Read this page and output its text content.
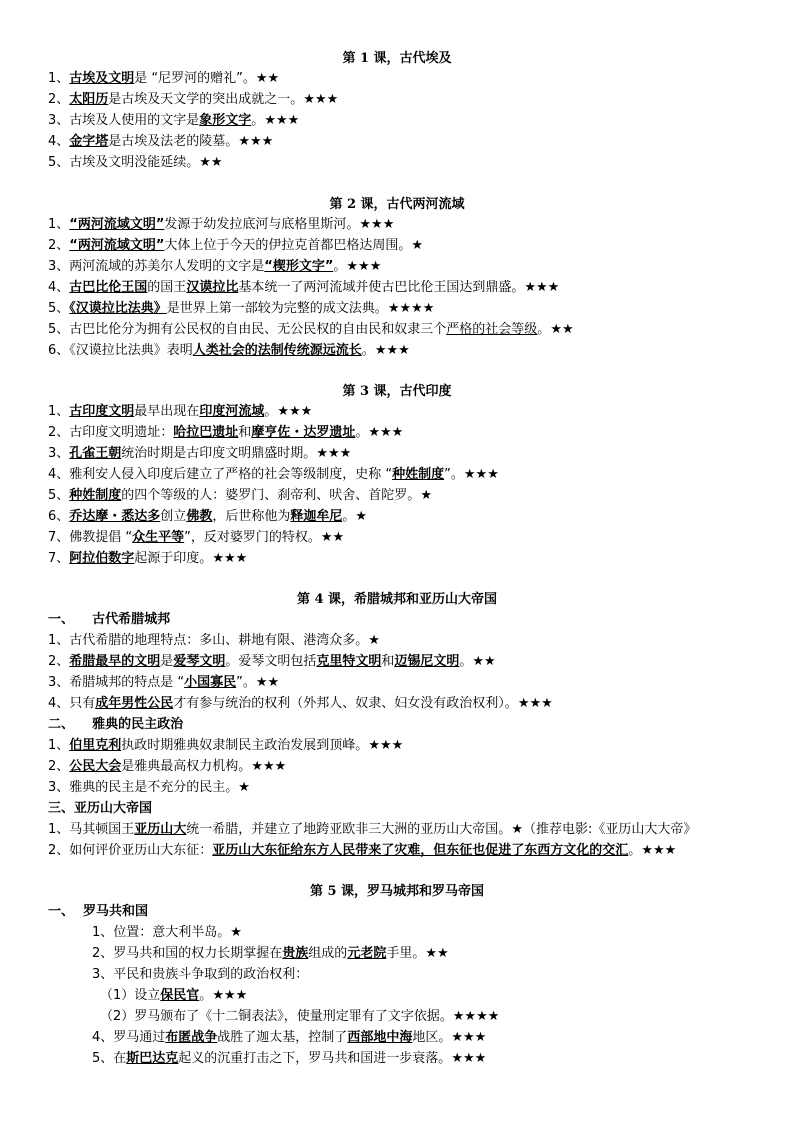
第 1 课，古代埃及
1、古埃及文明是 “尼罗河的赠礼”。★★
2、太阳历是古埃及天文学的突出成就之一。★★★
3、古埃及人使用的文字是象形文字。★★★
4、金字塔是古埃及法老的陵墓。★★★
5、古埃及文明没能延续。★★
第 2 课，古代两河流域
1、“两河流域文明”发源于幼发拉底河与底格里斯河。★★★
2、“两河流域文明”大体上位于今天的伊拉克首都巴格达周围。★
3、两河流域的苏美尔人发明的文字是“楔形文字”。★★★
4、古巴比伦王国的国王汉谟拉比基本统一了两河流域并使古巴比伦王国达到鼎盛。★★★
5、《汉谟拉比法典》是世界上第一部较为完整的成文法典。★★★★
5、古巴比伦分为拥有公民权的自由民、无公民权的自由民和奴隶三个严格的社会等级。★★
6、《汉谟拉比法典》表明人类社会的法制传统源远流长。★★★
第 3 课，古代印度
1、古印度文明最早出现在印度河流域。★★★
2、古印度文明遗址：哈拉巴遗址和摩亨佐・达罗遗址。★★★
3、孔雀王朝统治时期是古印度文明鼎盛时期。★★★
4、雅利安人侵入印度后建立了严格的社会等级制度，史称 “种姓制度”。★★★
5、种姓制度的四个等级的人：婆罗门、刹帝利、吠舍、首陀罗。★
6、乔达摩・悉达多创立佛教，后世称他为释迦牟尼。★
7、佛教提倡 “众生平等”，反对婆罗门的特权。★★
7、阿拉伯数字起源于印度。★★★
第 4 课，希腊城邦和亚历山大帝国
一、    古代希腊城邦
1、古代希腊的地理特点：多山、耕地有限、港湾众多。★
2、希腊最早的文明是爱琴文明。爱琴文明包括克里特文明和迈锡尼文明。★★
3、希腊城邦的特点是 “小国寡民”。★★
4、只有成年男性公民才有参与统治的权利（外邦人、奴隶、妇女没有政治权利）。★★★
二、    雅典的民主政治
1、伯里克利执政时期雅典奴隶制民主政治发展到顶峰。★★★
2、公民大会是雅典最高权力机构。★★★
3、雅典的民主是不充分的民主。★
三、亚历山大帝国
1、马其顿国王亚历山大统一希腊，并建立了地跨亚欧非三大洲的亚历山大帝国。★（推荐电影:《亚历山大大帝》
2、如何评价亚历山大东征：亚历山大东征给东方人民带来了灾难，但东征也促进了东西方文化的交汇。★★★
第 5 课，罗马城邦和罗马帝国
一、  罗马共和国
1、位置：意大利半岛。★
2、罗马共和国的权力长期掌握在贵族组成的元老院手里。★★
3、平民和贵族斗争取到的政治权利：
（1）设立保民官。★★★
（2）罗马颁布了《十二铜表法》，使量刑定罪有了文字依据。★★★★
4、罗马通过布匿战争战胜了迦太基，控制了西部地中海地区。★★★
5、在斯巴达克起义的沉重打击之下，罗马共和国进一步衰落。★★★
